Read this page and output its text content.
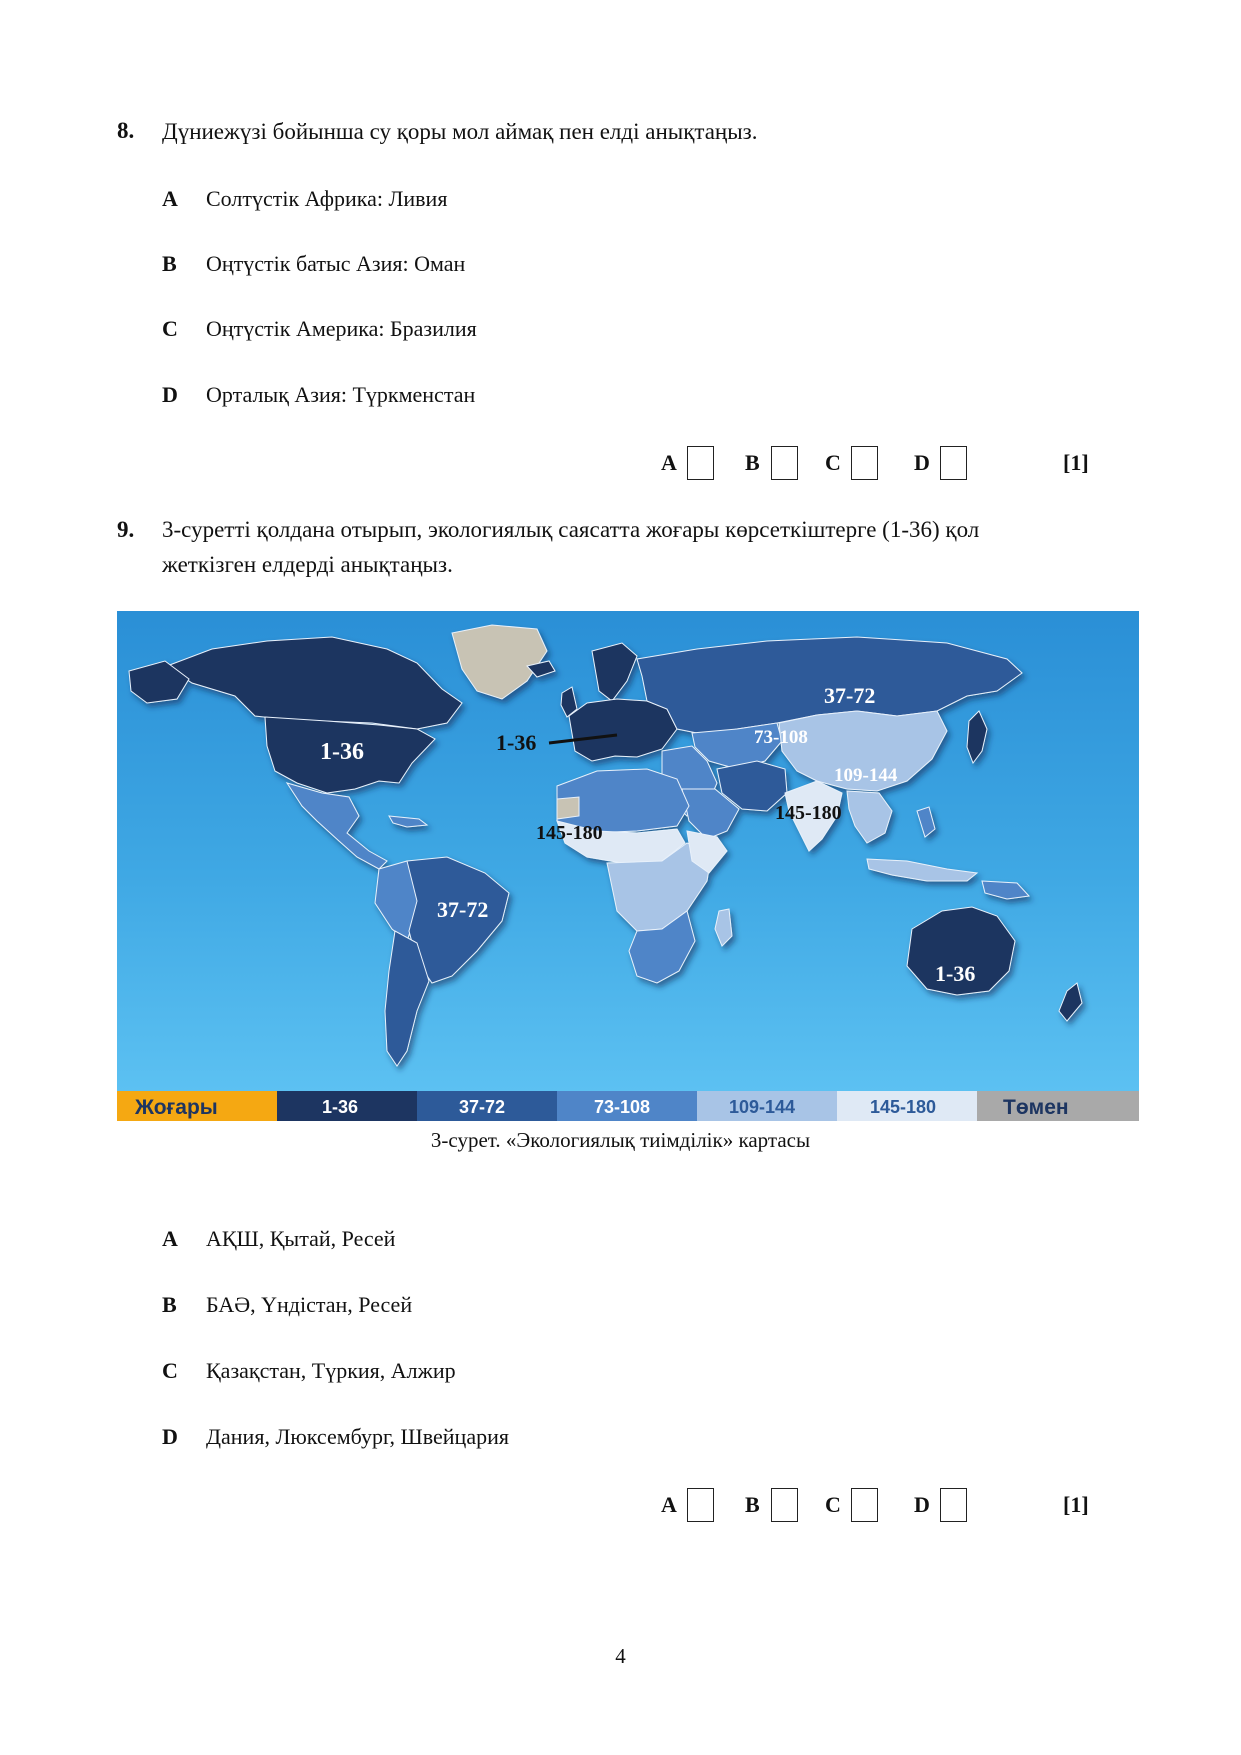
8. Дүниежүзі бойынша су қоры мол аймақ пен елді анықтаңыз.
A Солтүстік Африка: Ливия
B Оңтүстік батыс Азия: Оман
C Оңтүстік Америка: Бразилия
D Орталық Азия: Түркменстан
A	B	C	D	[1]
9. 3-суретті қолдана отырып, экологиялық саясатта жоғары көрсеткіштерге (1-36) қол
жеткізген елдерді анықтаңыз.
1-36	1-36
37-72
73-108
109-144
145-180
145-180
37-72
1-36
Жоғары	1-36	37-72	73-108	109-144	145-180	Төмен
3-сурет. «Экологиялық тиімділік» картасы
A АҚШ, Қытай, Ресей
B БАӘ, Үндістан, Ресей
C Қазақстан, Түркия, Алжир
D Дания, Люксембург, Швейцария
A	B	C	D	[1]
4
